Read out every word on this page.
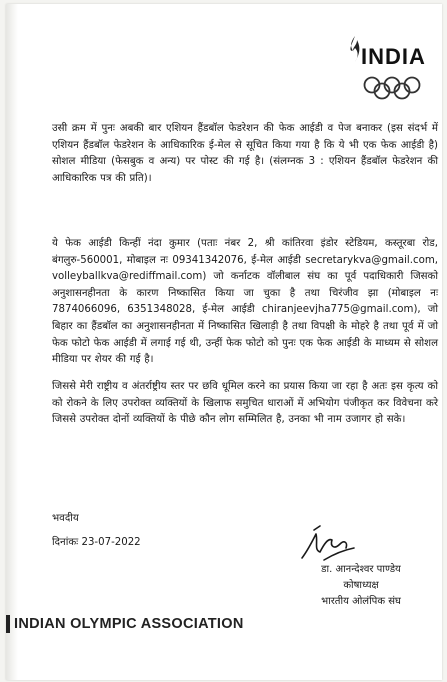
INDIA
उसी क्रम में पुनः अबकी बार एशियन हैंडबॉल फेडरेशन की फेक आईडी व पेज बनाकर (इस संदर्भ में एशियन हैंडबॉल फेडरेशन के आधिकारिक ई-मेल से सूचित किया गया है कि ये भी एक फेक आईडी है) सोशल मीडिया (फेसबुक व अन्य) पर पोस्ट की गई है। (संलग्नक 3 : एशियन हैंडबॉल फेडरेशन की आधिकारिक पत्र की प्रति)।
ये फेक आईडी किन्हीं नंदा कुमार (पताः नंबर 2, श्री कांतिरवा इंडोर स्टेडियम, कस्तूरबा रोड, बंगलुरु-560001, मोबाइल नः 09341342076, ई-मेल आईडी secretarykva@gmail.com, volleyballkva@rediffmail.com) जो कर्नाटक वॉलीबाल संघ का पूर्व पदाधिकारी जिसको अनुशासनहीनता के कारण निष्कासित किया जा चुका है तथा चिरंजीव झा (मोबाइल नः 7874066096, 6351348028, ई-मेल आईडी chiranjeevjha775@gmail.com), जो बिहार का हैंडबॉल का अनुशासनहीनता में निष्कासित खिलाड़ी है तथा विपक्षी के मोहरे है तथा पूर्व में जो फेक फोटो फेक आईडी में लगाई गई थी, उन्हीं फेक फोटो को पुनः एक फेक आईडी के माध्यम से सोशल मीडिया पर शेयर की गई है।
जिससे मेरी राष्ट्रीय व अंतर्राष्ट्रीय स्तर पर छवि धूमिल करने का प्रयास किया जा रहा है अतः इस कृत्य को को रोकने के लिए उपरोक्त व्यक्तियों के खिलाफ समुचित धाराओं में अभियोग पंजीकृत कर विवेचना करे जिससे उपरोक्त दोनों व्यक्तियों के पीछे कौन लोग सम्मिलित है, उनका भी नाम उजागर हो सके।
भवदीय
दिनांकः 23-07-2022
डा. आनन्देश्वर पाण्डेय
कोषाध्यक्ष
भारतीय ओलंपिक संघ
INDIAN OLYMPIC ASSOCIATION
